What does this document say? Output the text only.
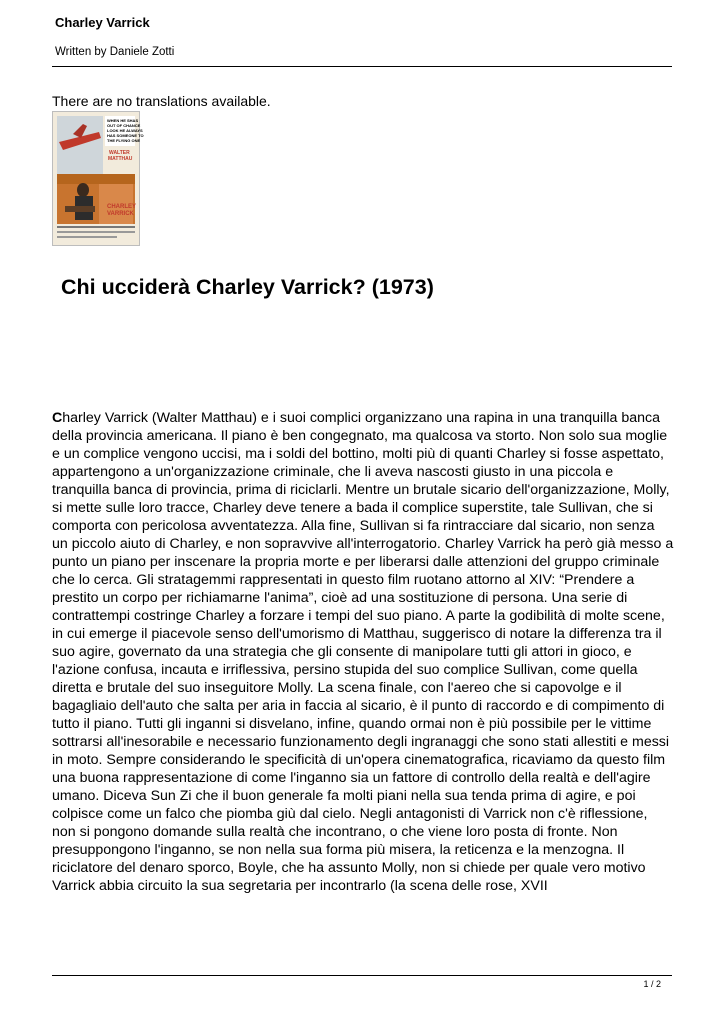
Charley Varrick
Written by Daniele Zotti
There are no translations available.
WHEN HE SHAS
OUT OF CHANCE
LOOK HE ALWAYS
HAS SOMEONE TO
THE FLYING ONE
WALTER
MATTHAU
CHARLEY
VARRICK
Chi ucciderà Charley Varrick? (1973)

Charley Varrick (Walter Matthau) e i suoi complici organizzano una rapina in una tranquilla banca della provincia americana. Il piano è ben congegnato, ma qualcosa va storto. Non solo sua moglie e un complice vengono uccisi, ma i soldi del bottino, molti più di quanti Charley si fosse aspettato, appartengono a un'organizzazione criminale, che li aveva nascosti giusto in una piccola e tranquilla banca di provincia, prima di riciclarli. Mentre un brutale sicario dell'organizzazione, Molly, si mette sulle loro tracce, Charley deve tenere a bada il complice superstite, tale Sullivan, che si comporta con pericolosa avventatezza. Alla fine, Sullivan si fa rintracciare dal sicario, non senza un piccolo aiuto di Charley, e non sopravvive all'interrogatorio. Charley Varrick ha però già messo a punto un piano per inscenare la propria morte e per liberarsi dalle attenzioni del gruppo criminale che lo cerca. Gli stratagemmi rappresentati in questo film ruotano attorno al XIV: “Prendere a prestito un corpo per richiamarne l'anima”, cioè ad una sostituzione di persona. Una serie di contrattempi costringe Charley a forzare i tempi del suo piano. A parte la godibilità di molte scene, in cui emerge il piacevole senso dell'umorismo di Matthau, suggerisco di notare la differenza tra il suo agire, governato da una strategia che gli consente di manipolare tutti gli attori in gioco, e l'azione confusa, incauta e irriflessiva, persino stupida del suo complice Sullivan, come quella diretta e brutale del suo inseguitore Molly. La scena finale, con l'aereo che si capovolge e il bagagliaio dell'auto che salta per aria in faccia al sicario, è il punto di raccordo e di compimento di tutto il piano. Tutti gli inganni si disvelano, infine, quando ormai non è più possibile per le vittime sottrarsi all'inesorabile e necessario funzionamento degli ingranaggi che sono stati allestiti e messi in moto. Sempre considerando le specificità di un'opera cinematografica, ricaviamo da questo film una buona rappresentazione di come l'inganno sia un fattore di controllo della realtà e dell'agire umano. Diceva Sun Zi che il buon generale fa molti piani nella sua tenda prima di agire, e poi colpisce come un falco che piomba giù dal cielo. Negli antagonisti di Varrick non c'è riflessione, non si pongono domande sulla realtà che incontrano, o che viene loro posta di fronte. Non presuppongono l'inganno, se non nella sua forma più misera, la reticenza e la menzogna. Il riciclatore del denaro sporco, Boyle, che ha assunto Molly, non si chiede per quale vero motivo Varrick abbia circuito la sua segretaria per incontrarlo (la scena delle rose, XVII

1 / 2
